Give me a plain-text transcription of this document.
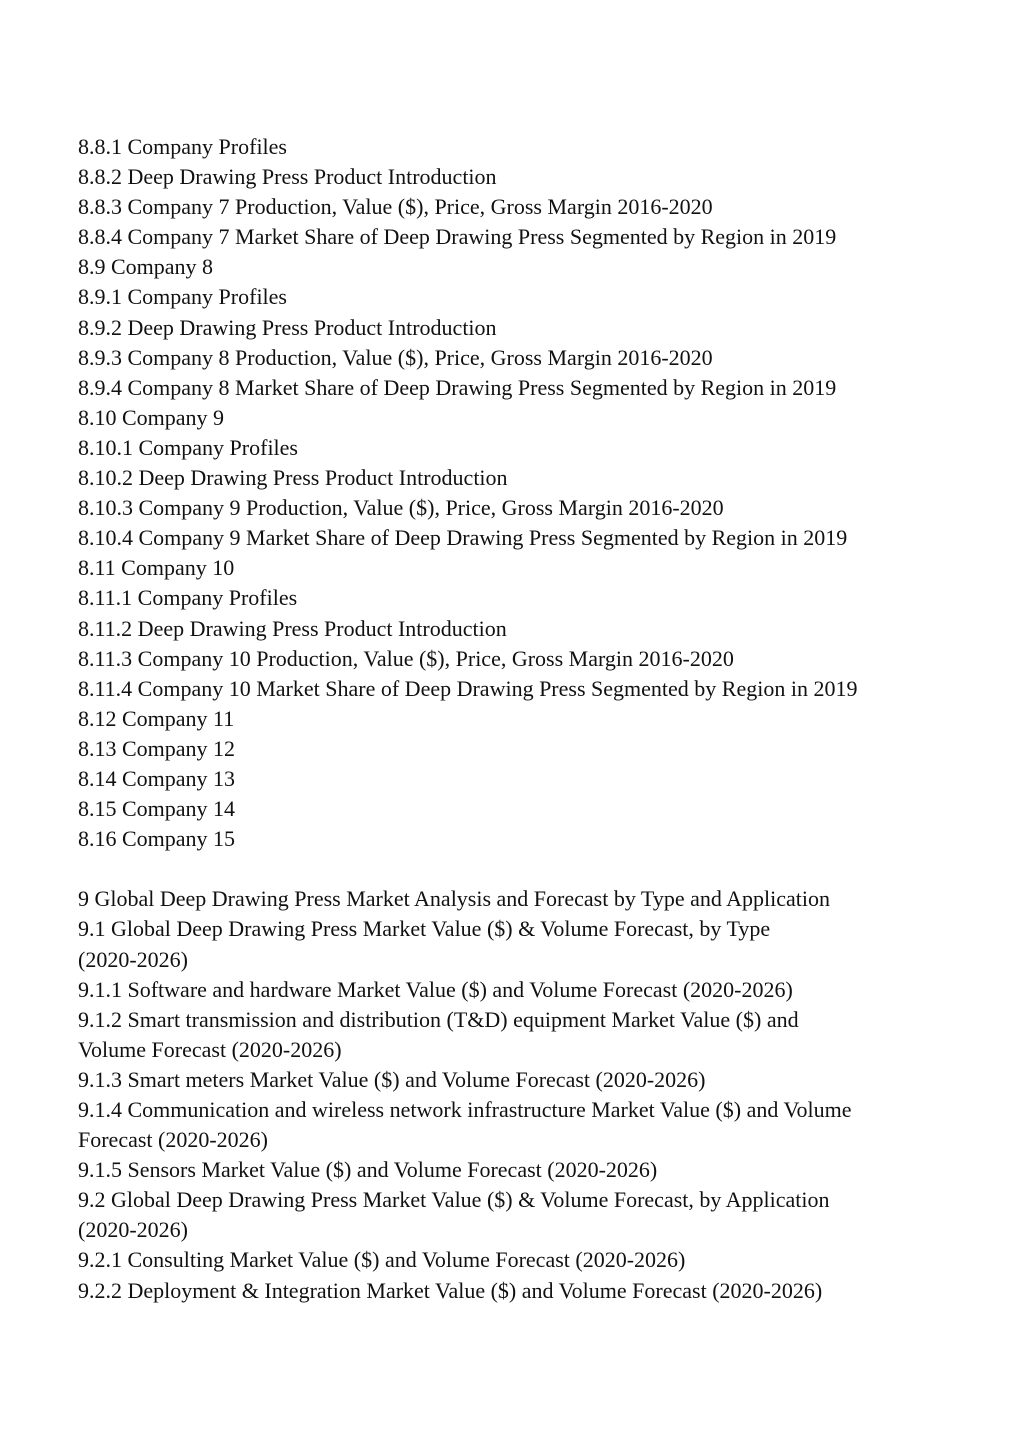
8.8.1 Company Profiles
8.8.2 Deep Drawing Press Product Introduction
8.8.3 Company 7 Production, Value ($), Price, Gross Margin 2016-2020
8.8.4 Company 7 Market Share of Deep Drawing Press Segmented by Region in 2019
8.9 Company 8
8.9.1 Company Profiles
8.9.2 Deep Drawing Press Product Introduction
8.9.3 Company 8 Production, Value ($), Price, Gross Margin 2016-2020
8.9.4 Company 8 Market Share of Deep Drawing Press Segmented by Region in 2019
8.10 Company 9
8.10.1 Company Profiles
8.10.2 Deep Drawing Press Product Introduction
8.10.3 Company 9 Production, Value ($), Price, Gross Margin 2016-2020
8.10.4 Company 9 Market Share of Deep Drawing Press Segmented by Region in 2019
8.11 Company 10
8.11.1 Company Profiles
8.11.2 Deep Drawing Press Product Introduction
8.11.3 Company 10 Production, Value ($), Price, Gross Margin 2016-2020
8.11.4 Company 10 Market Share of Deep Drawing Press Segmented by Region in 2019
8.12 Company 11
8.13 Company 12
8.14 Company 13
8.15 Company 14
8.16 Company 15
9 Global Deep Drawing Press Market Analysis and Forecast by Type and Application
9.1 Global Deep Drawing Press Market Value ($) & Volume Forecast, by Type
(2020-2026)
9.1.1 Software and hardware Market Value ($) and Volume Forecast (2020-2026)
9.1.2 Smart transmission and distribution (T&D) equipment Market Value ($) and
Volume Forecast (2020-2026)
9.1.3 Smart meters Market Value ($) and Volume Forecast (2020-2026)
9.1.4 Communication and wireless network infrastructure Market Value ($) and Volume
Forecast (2020-2026)
9.1.5 Sensors Market Value ($) and Volume Forecast (2020-2026)
9.2 Global Deep Drawing Press Market Value ($) & Volume Forecast, by Application
(2020-2026)
9.2.1 Consulting Market Value ($) and Volume Forecast (2020-2026)
9.2.2 Deployment & Integration Market Value ($) and Volume Forecast (2020-2026)
